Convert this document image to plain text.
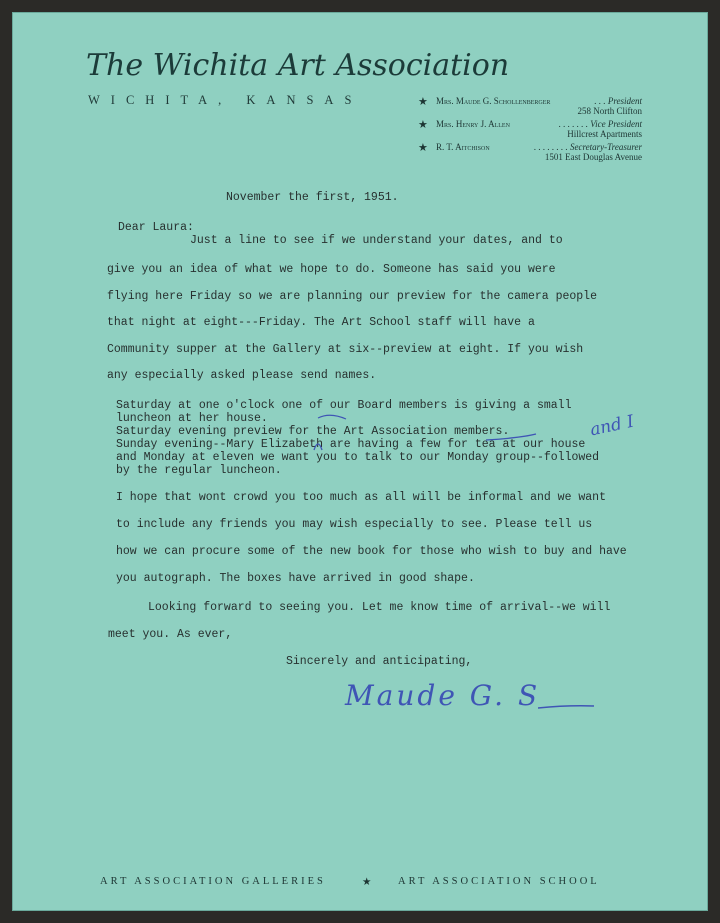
The Wichita Art Association
WICHITA, KANSAS	★ Mrs. Maude G. Schollenberger	. . . President
258 North Clifton
★ Mrs. Henry J. Allen	. . . . . . . Vice President
Hillcrest Apartments
★ R. T. Aitchison	. . . . . . . . Secretary-Treasurer
1501 East Douglas Avenue
November the first, 1951.
Dear Laura:
Just a line to see if we understand your dates, and to
give you an idea of what we hope to do. Someone has said you were
flying here Friday so we are planning our preview for the camera people
that night at eight---Friday. The Art School staff will have a
Community supper at the Gallery at six--preview at eight. If you wish
any especially asked please send names.
Saturday at one o'clock one of our Board members is giving a small
luncheon at her house.
Saturday evening preview for the Art Association members.
Sunday evening--Mary Elizabeth are having a few for tea at our house
and Monday at eleven we want you to talk to our Monday group--followed
by the regular luncheon.
I hope that wont crowd you too much as all will be informal and we want
to include any friends you may wish especially to see. Please tell us
how we can procure some of the new book for those who wish to buy and have
you autograph. The boxes have arrived in good shape.
Looking forward to seeing you. Let me know time of arrival--we will
meet you. As ever,
Sincerely and anticipating,
and I
Maude G. S
ART ASSOCIATION GALLERIES	★	ART ASSOCIATION SCHOOL
